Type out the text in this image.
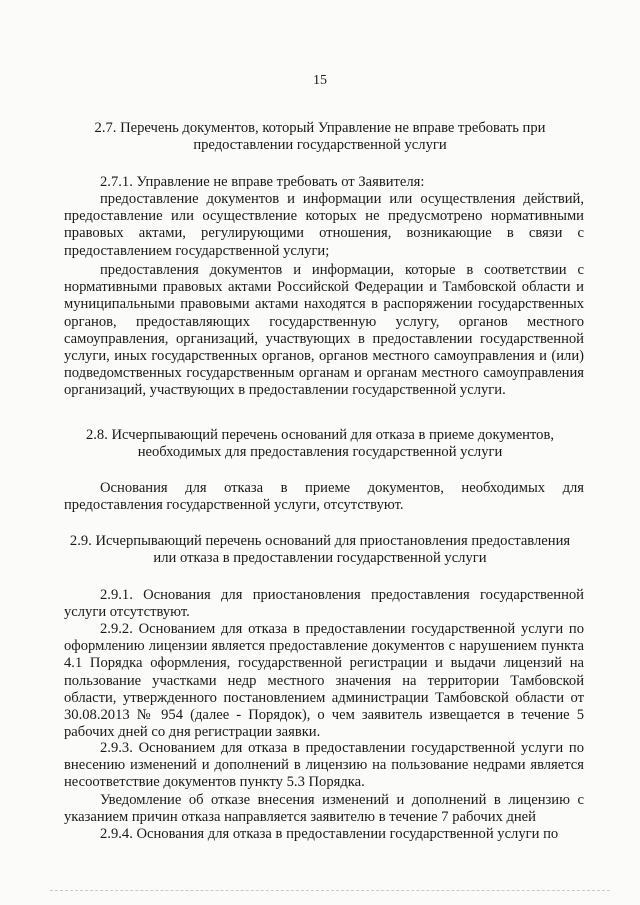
15
2.7. Перечень документов, который Управление не вправе требовать при предоставлении государственной услуги
2.7.1. Управление не вправе требовать от Заявителя:
предоставление документов и информации или осуществления действий, предоставление или осуществление которых не предусмотрено нормативными правовых актами, регулирующими отношения, возникающие в связи с предоставлением государственной услуги;
предоставления документов и информации, которые в соответствии с нормативными правовых актами Российской Федерации и Тамбовской области и муниципальными правовыми актами находятся в распоряжении государственных органов, предоставляющих государственную услугу, органов местного самоуправления, организаций, участвующих в предоставлении государственной услуги, иных государственных органов, органов местного самоуправления и (или) подведомственных государственным органам и органам местного самоуправления организаций, участвующих в предоставлении государственной услуги.
2.8. Исчерпывающий перечень оснований для отказа в приеме документов, необходимых для предоставления государственной услуги
Основания для отказа в приеме документов, необходимых для предоставления государственной услуги, отсутствуют.
2.9. Исчерпывающий перечень оснований для приостановления предоставления или отказа в предоставлении государственной услуги
2.9.1. Основания для приостановления предоставления государственной услуги отсутствуют.
2.9.2. Основанием для отказа в предоставлении государственной услуги по оформлению лицензии является предоставление документов с нарушением пункта 4.1 Порядка оформления, государственной регистрации и выдачи лицензий на пользование участками недр местного значения на территории Тамбовской области, утвержденного постановлением администрации Тамбовской области от 30.08.2013 № 954 (далее - Порядок), о чем заявитель извещается в течение 5 рабочих дней со дня регистрации заявки.
2.9.3. Основанием для отказа в предоставлении государственной услуги по внесению изменений и дополнений в лицензию на пользование недрами является несоответствие документов пункту 5.3 Порядка.
Уведомление об отказе внесения изменений и дополнений в лицензию с указанием причин отказа направляется заявителю в течение 7 рабочих дней
2.9.4. Основания для отказа в предоставлении государственной услуги по
